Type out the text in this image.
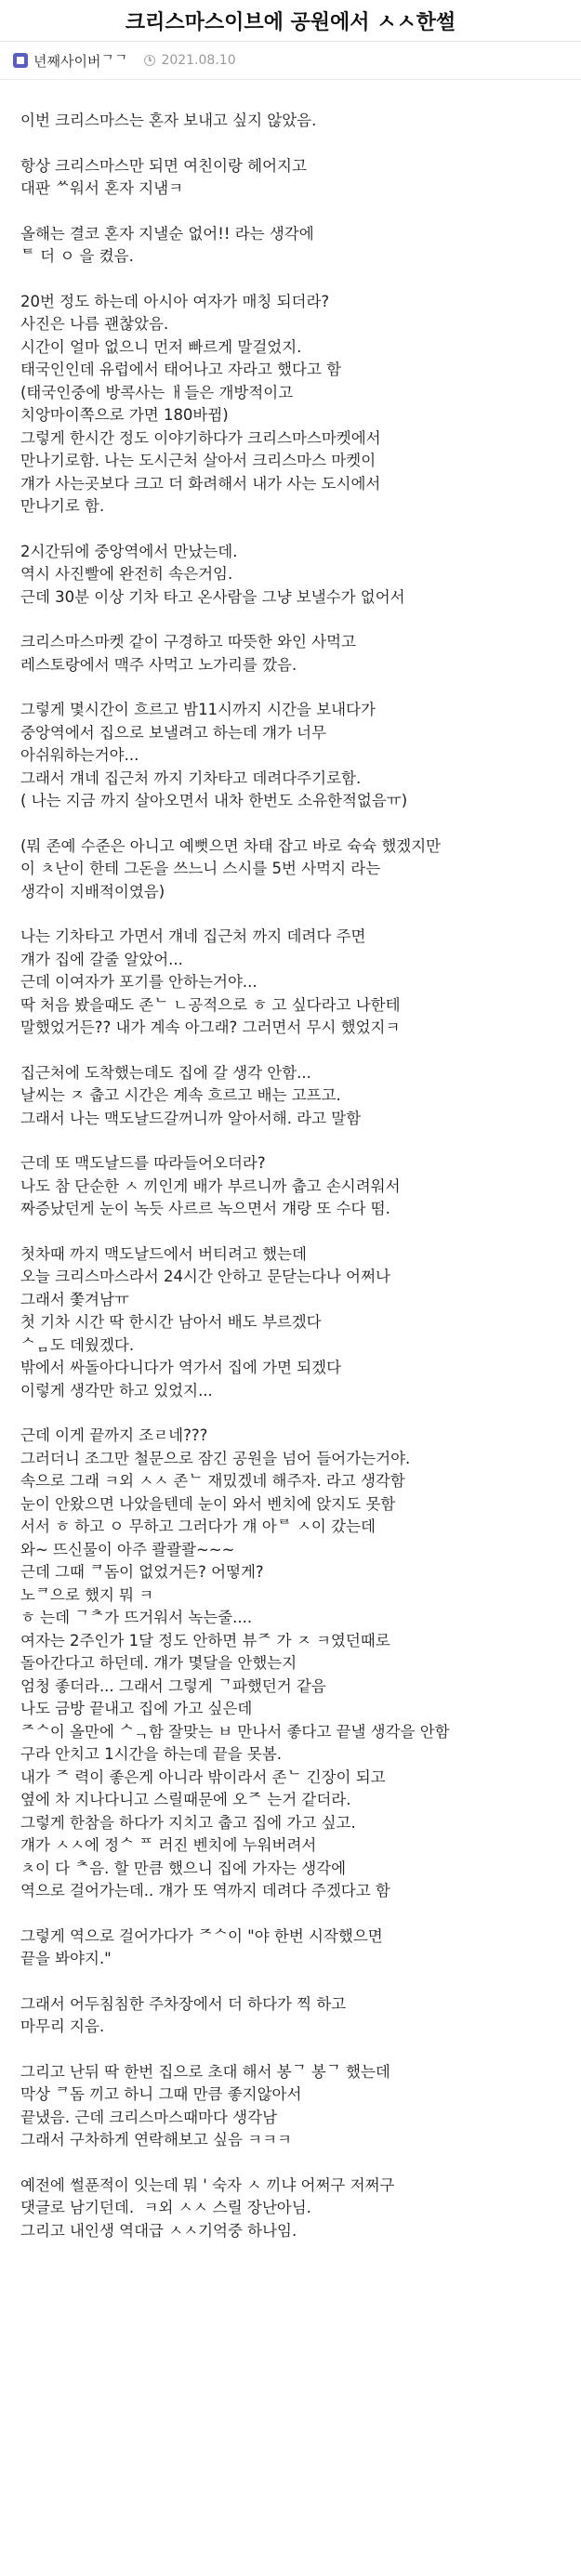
크리스마스이브에 공원에서 ㅅㅅ한썰
년째사이버ᄀᄀ	2021.08.10
이번 크리스마스는 혼자 보내고 싶지 않았음.
항상 크리스마스만 되면 여친이랑 헤어지고
대판 ᄊ워서 혼자 지냄ㅋ
올해는 결코 혼자 지낼순 없어!! 라는 생각에
ᄐ 더 ㅇ 을 켰음.
20번 정도 하는데 아시아 여자가 매칭 되더라?
사진은 나름 괜찮았음.
시간이 얼마 없으니 먼저 빠르게 말걸었지.
태국인인데 유럽에서 태어나고 자라고 했다고 함
(태국인중에 방콕사는 ㅐ들은 개방적이고
치앙마이쪽으로 가면 180바뀜)
그렇게 한시간 정도 이야기하다가 크리스마스마켓에서
만나기로함. 나는 도시근처 살아서 크리스마스 마켓이
걔가 사는곳보다 크고 더 화려해서 내가 사는 도시에서
만나기로 함.
2시간뒤에 중앙역에서 만났는데.
역시 사진빨에 완전히 속은거임.
근데 30분 이상 기차 타고 온사람을 그냥 보낼수가 없어서
크리스마스마켓 같이 구경하고 따뜻한 와인 사먹고
레스토랑에서 맥주 사먹고 노가리를 깠음.
그렇게 몇시간이 흐르고 밤11시까지 시간을 보내다가
중앙역에서 집으로 보낼려고 하는데 걔가 너무
아쉬워하는거야...
그래서 걔네 집근처 까지 기차타고 데려다주기로함.
( 나는 지금 까지 살아오면서 내차 한번도 소유한적없음ㅠ)
(뭐 존예 수준은 아니고 예뻣으면 차태 잡고 바로 슉슉 했겠지만
이 ㅊ난이 한테 그돈을 쓰느니 스시를 5번 사먹지 라는
생각이 지배적이였음)
나는 기차타고 가면서 걔네 집근처 까지 데려다 주면
걔가 집에 갈줄 알았어...
근데 이여자가 포기를 안하는거야...
딱 처음 봤을때도 존ᄂ ㄴ공적으로 ㅎ 고 싶다라고 나한테
말했었거든?? 내가 계속 아그래? 그러면서 무시 했었지ㅋ
집근처에 도착했는데도 집에 갈 생각 안함...
날씨는 ㅈ 춥고 시간은 계속 흐르고 배는 고프고.
그래서 나는 맥도날드갈꺼니까 알아서해. 라고 말함
근데 또 맥도날드를 따라들어오더라?
나도 참 단순한 ㅅ 끼인게 배가 부르니까 춥고 손시려워서
짜증났던게 눈이 녹듯 사르르 녹으면서 걔랑 또 수다 떰.
첫차때 까지 맥도날드에서 버티려고 했는데
오늘 크리스마스라서 24시간 안하고 문닫는다나 어쩌나
그래서 쫓겨남ㅠ
첫 기차 시간 딱 한시간 남아서 배도 부르겠다
ᄉᆷ도 데웠겠다.
밖에서 싸돌아다니다가 역가서 집에 가면 되겠다
이렇게 생각만 하고 있었지...
근데 이게 끝까지 조ㄹ네???
그러더니 조그만 철문으로 잠긴 공원을 넘어 들어가는거야.
속으로 그래 ㅋ외 ㅅㅅ 존ᄂ 재밌겠네 해주자. 라고 생각함
눈이 안왔으면 나았을텐데 눈이 와서 벤치에 앉지도 못함
서서 ㅎ 하고 ㅇ 무하고 그러다가 걔 아ᄅ ㅅ이 갔는데
와~ 뜨신물이 아주 콸콸콸~~~
근데 그때 ᄏ돔이 없었거든? 어떻게?
노ᄏ으로 했지 뭐 ㅋ
ㅎ 는데 ᄀᄎ가 뜨거워서 녹는줄....
여자는 2주인가 1달 정도 안하면 뷰ᄌ 가 ㅈ ㅋ였던때로
돌아간다고 하던데. 걔가 몇달을 안했는지
엄청 좋더라... 그래서 그렇게 ᄀ파했던거 같음
나도 금방 끝내고 집에 가고 싶은데
ᄌᄉ이 올만에 ᄉᆨ함 잘맞는 ㅂ 만나서 좋다고 끝낼 생각을 안함
구라 안치고 1시간을 하는데 끝을 못봄.
내가 ᄌ 력이 좋은게 아니라 밖이라서 존ᄂ 긴장이 되고
옆에 차 지나다니고 스릴때문에 오ᄌ 는거 같더라.
그렇게 한참을 하다가 지치고 춥고 집에 가고 싶고.
걔가 ㅅㅅ에 정ᄉ ᄑ 러진 벤치에 누워버려서
ㅊ이 다 ᄎ음. 할 만큼 했으니 집에 가자는 생각에
역으로 걸어가는데.. 걔가 또 역까지 데려다 주겠다고 함
그렇게 역으로 걸어가다가 ᄌᄉ이 "야 한번 시작했으면
끝을 봐야지."
그래서 어두침침한 주차장에서 더 하다가 찍 하고
마무리 지음.
그리고 난뒤 딱 한번 집으로 초대 해서 봉ᄀ 봉ᄀ 했는데
막상 ᄏ돔 끼고 하니 그때 만큼 좋지않아서
끝냈음. 근데 크리스마스때마다 생각남
그래서 구차하게 연락해보고 싶음 ㅋㅋㅋ
예전에 썰푼적이 잇는데 뭐 ' 숙자 ㅅ 끼냐 어쩌구 저쩌구
댓글로 남기던데.  ㅋ외 ㅅㅅ 스릴 장난아님.
그리고 내인생 역대급 ㅅㅅ기억중 하나임.
